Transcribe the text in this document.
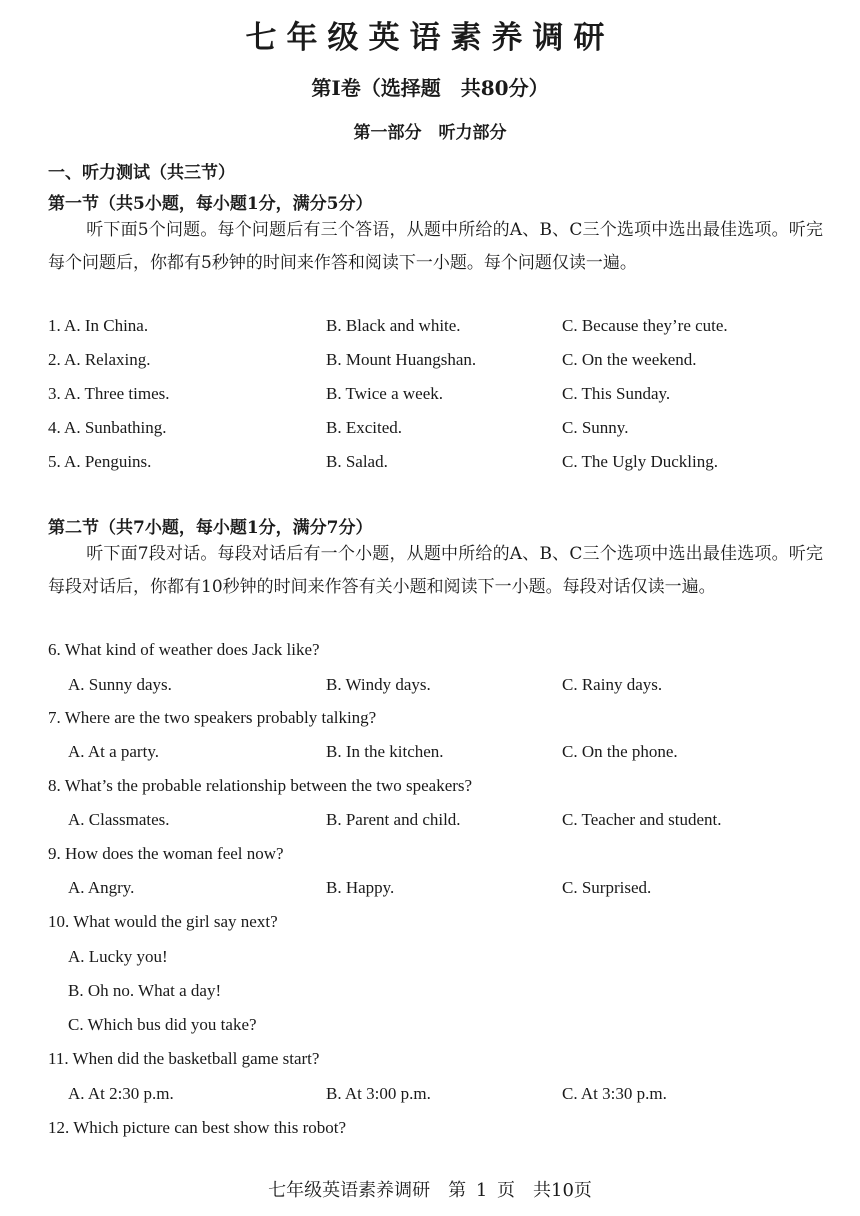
七年级英语素养调研
第Ⅰ卷（选择题　共80分）
第一部分　听力部分
一、听力测试（共三节）
第一节（共5小题，每小题1分，满分5分）
听下面5个问题。每个问题后有三个答语，从题中所给的A、B、C三个选项中选出最佳选项。听完每个问题后，你都有5秒钟的时间来作答和阅读下一小题。每个问题仅读一遍。
1. A. In China.	B. Black and white.	C. Because they’re cute.
2. A. Relaxing.	B. Mount Huangshan.	C. On the weekend.
3. A. Three times.	B. Twice a week.	C. This Sunday.
4. A. Sunbathing.	B. Excited.	C. Sunny.
5. A. Penguins.	B. Salad.	C. The Ugly Duckling.
第二节（共7小题，每小题1分，满分7分）
听下面7段对话。每段对话后有一个小题，从题中所给的A、B、C三个选项中选出最佳选项。听完每段对话后，你都有10秒钟的时间来作答有关小题和阅读下一小题。每段对话仅读一遍。
6. What kind of weather does Jack like?
A. Sunny days.	B. Windy days.	C. Rainy days.
7. Where are the two speakers probably talking?
A. At a party.	B. In the kitchen.	C. On the phone.
8. What’s the probable relationship between the two speakers?
A. Classmates.	B. Parent and child.	C. Teacher and student.
9. How does the woman feel now?
A. Angry.	B. Happy.	C. Surprised.
10. What would the girl say next?
A. Lucky you!
B. Oh no. What a day!
C. Which bus did you take?
11. When did the basketball game start?
A. At 2:30 p.m.	B. At 3:00 p.m.	C. At 3:30 p.m.
12. Which picture can best show this robot?
七年级英语素养调研　第 1 页　共10页
